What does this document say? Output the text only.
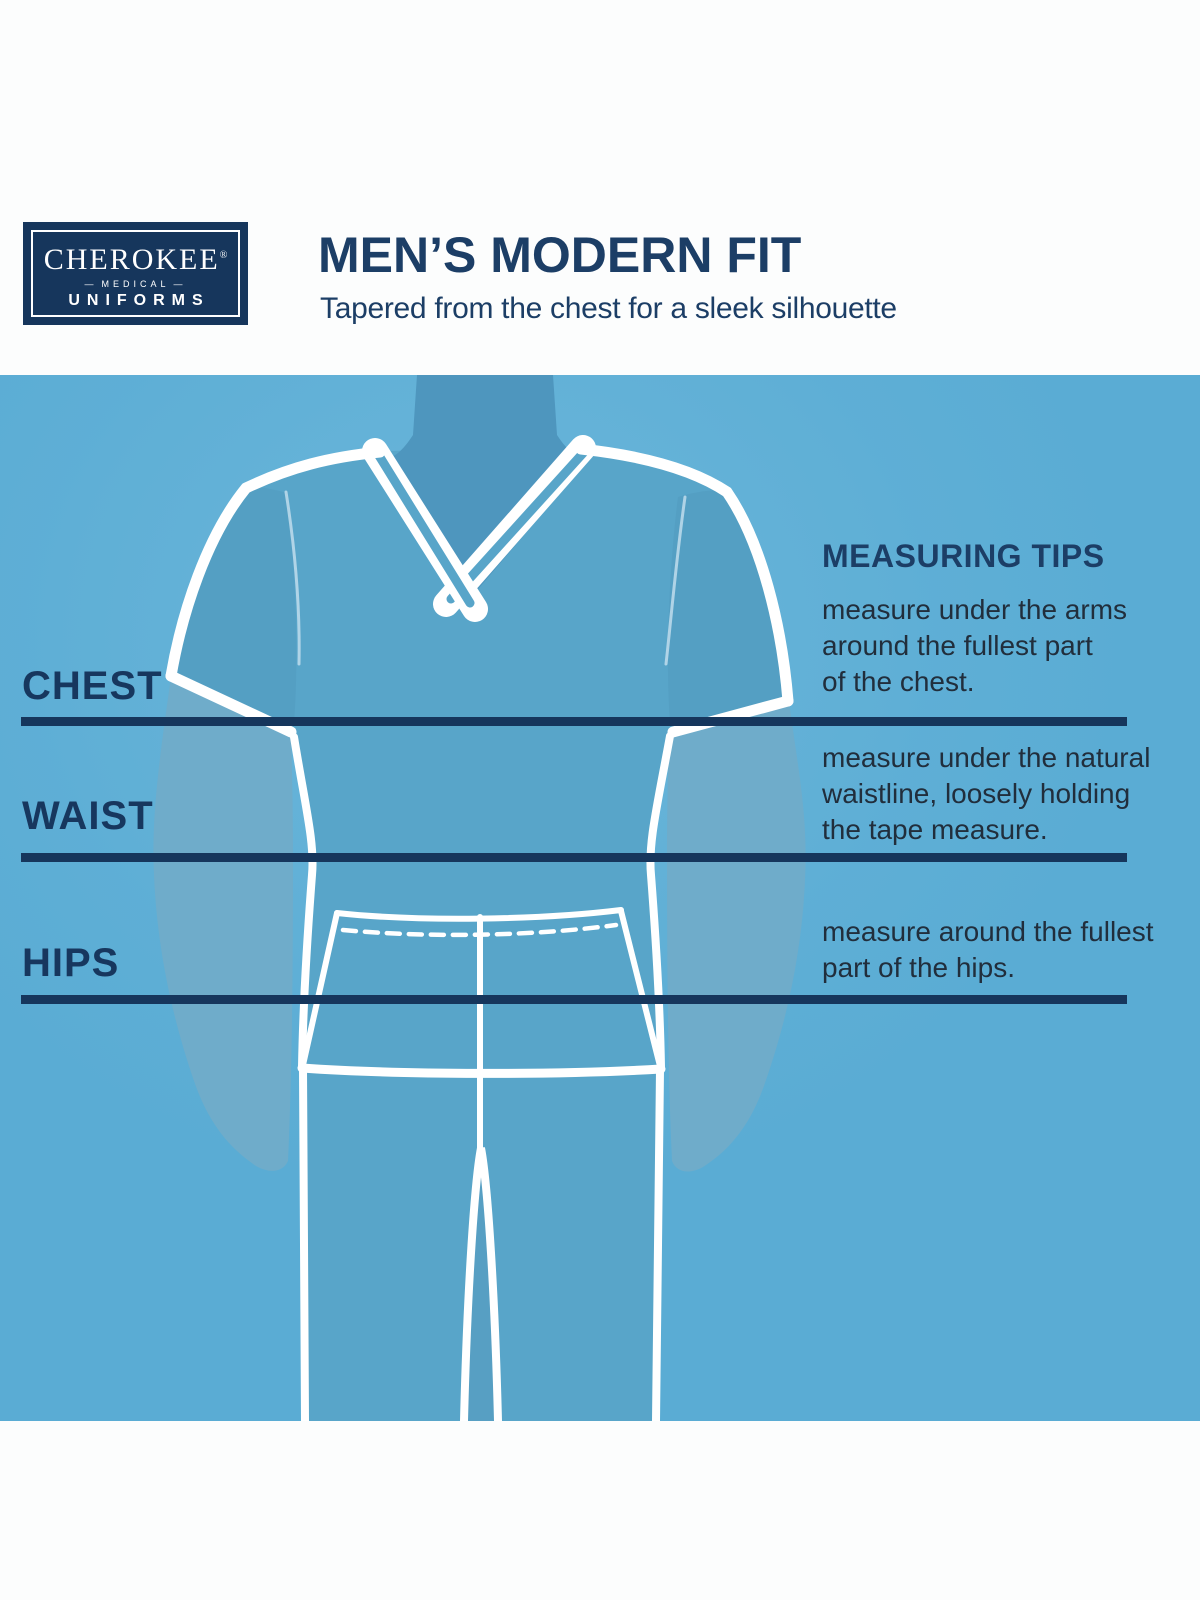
CHEROKEE®
— MEDICAL —
UNIFORMS
MEN’S MODERN FIT
Tapered from the chest for a sleek silhouette
CHEST
WAIST
HIPS
MEASURING TIPS
measure under the arms
around the fullest part
of the chest.
measure under the natural
waistline, loosely holding
the tape measure.
measure around the fullest
part of the hips.
